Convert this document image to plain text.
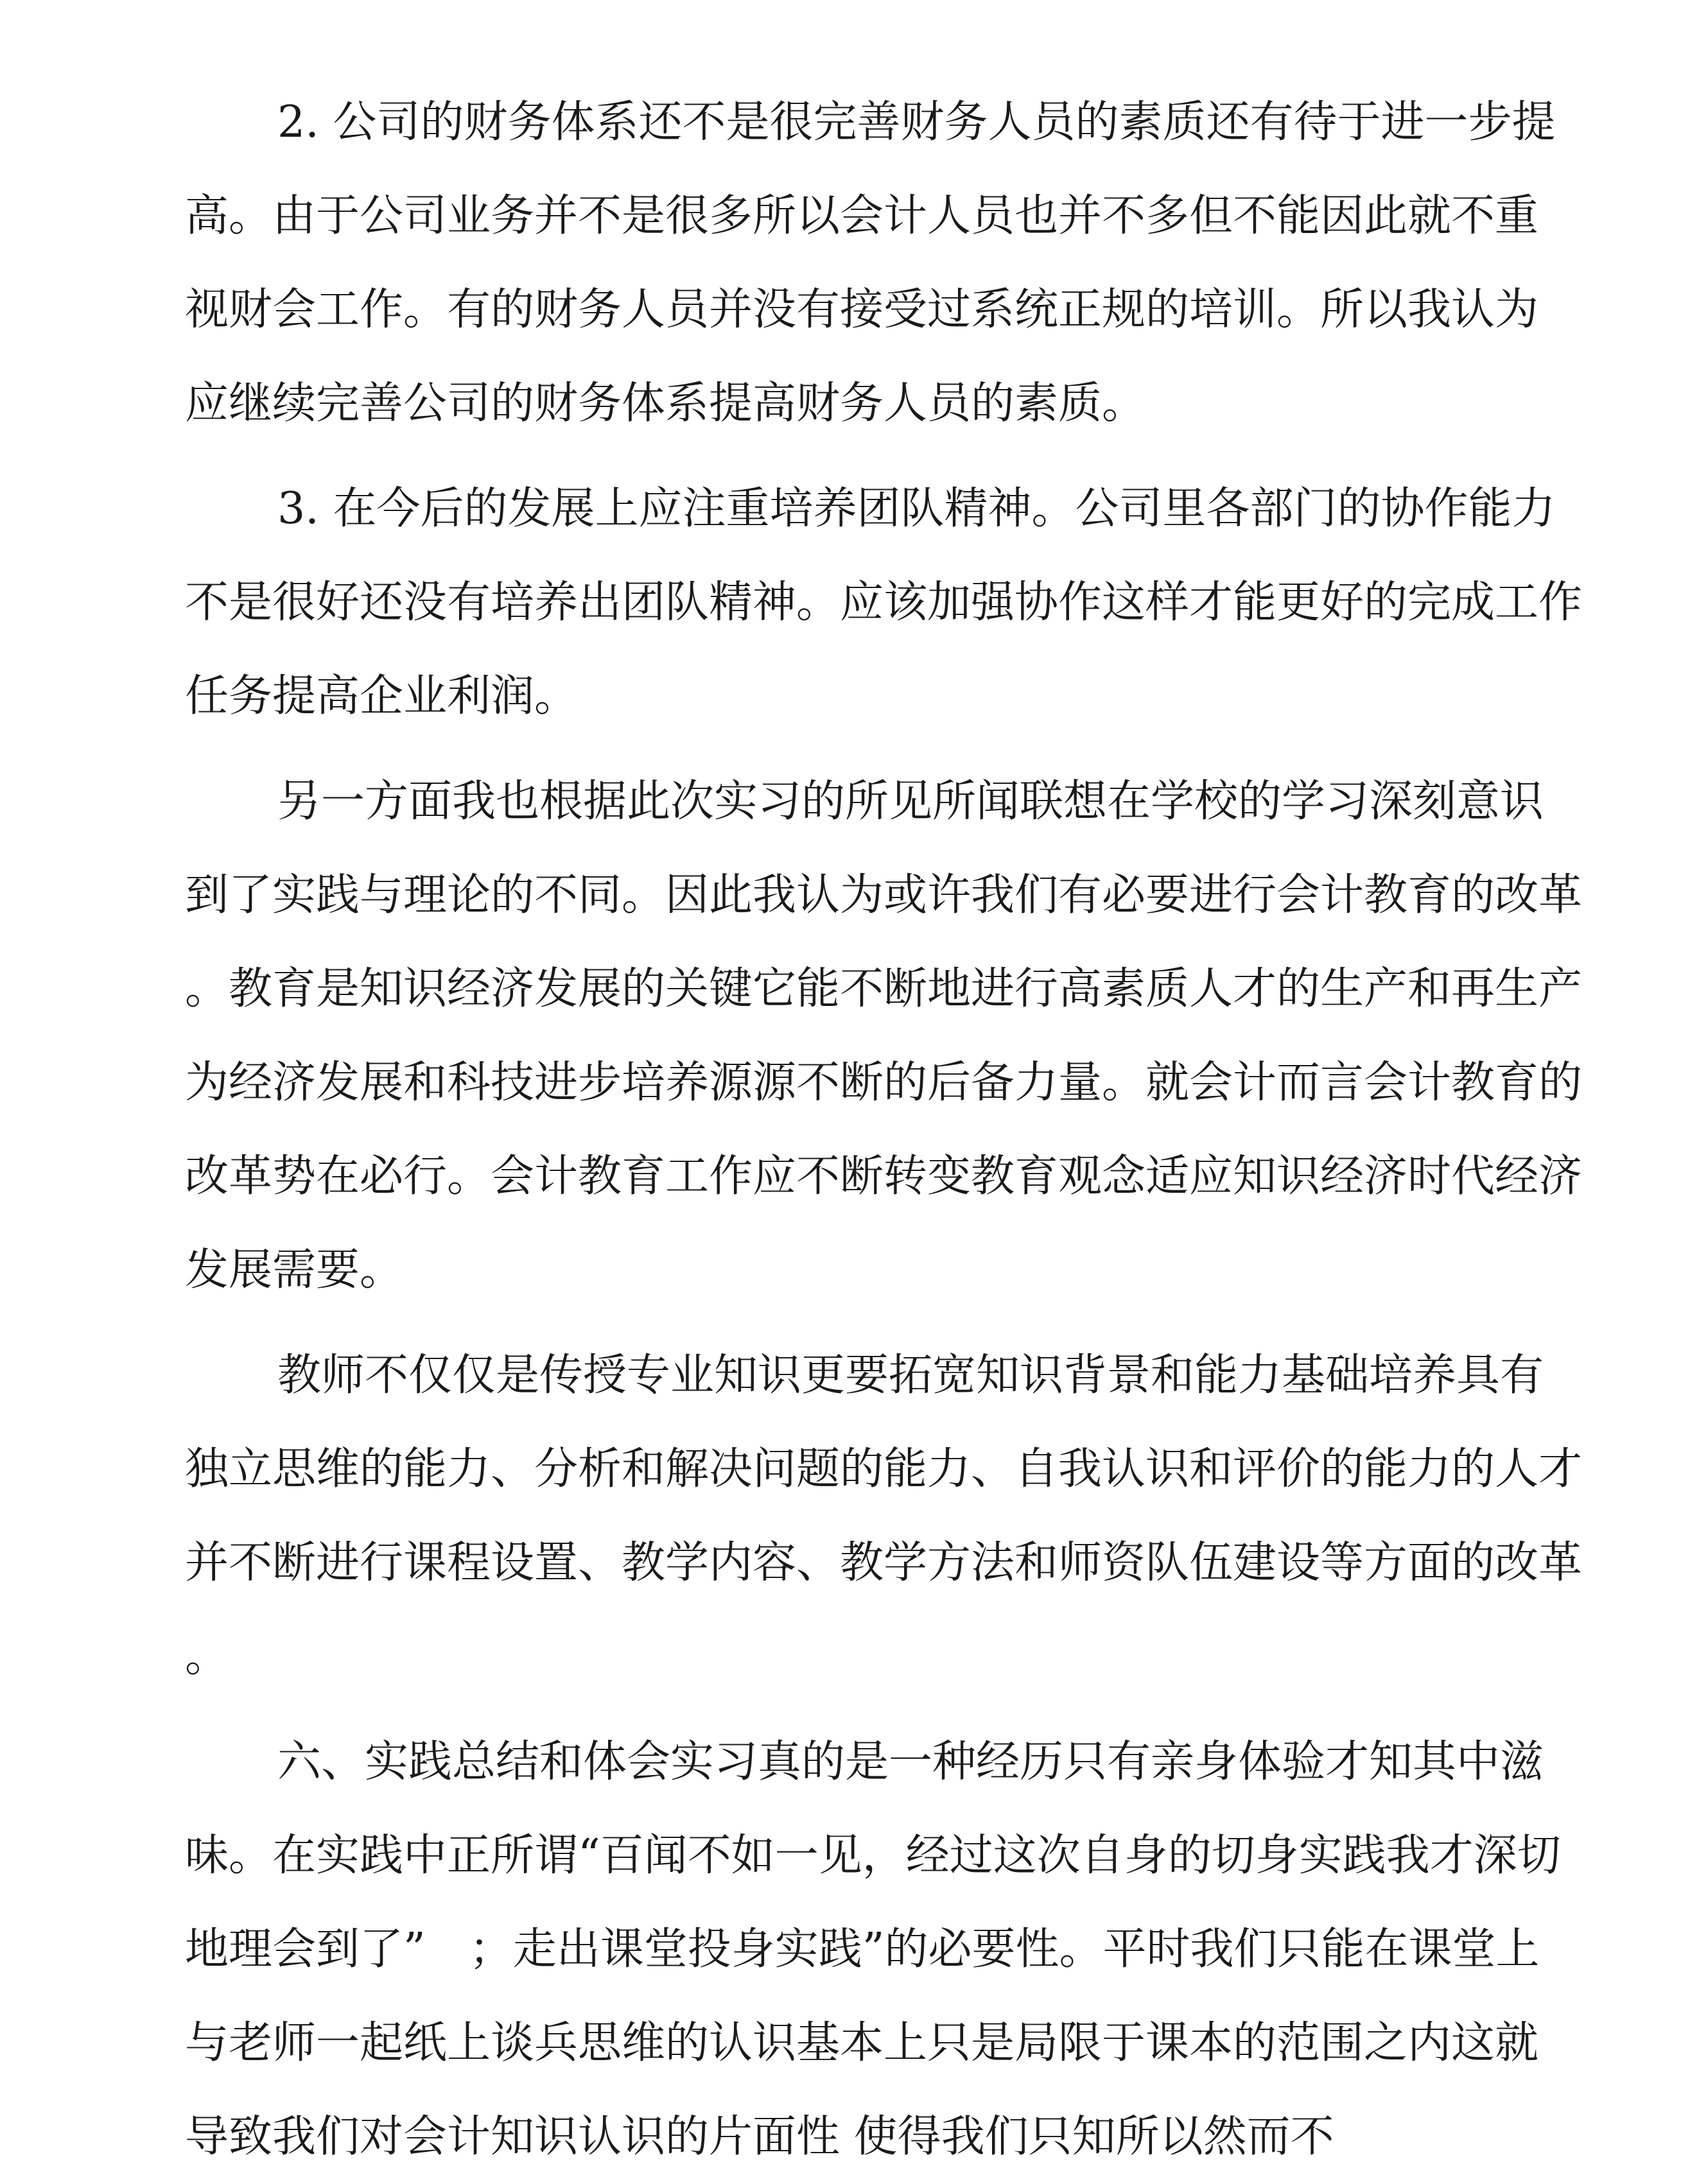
2. 公司的财务体系还不是很完善财务人员的素质还有待于进一步提
高。由于公司业务并不是很多所以会计人员也并不多但不能因此就不重
视财会工作。有的财务人员并没有接受过系统正规的培训。所以我认为
应继续完善公司的财务体系提高财务人员的素质。

3. 在今后的发展上应注重培养团队精神。公司里各部门的协作能力
不是很好还没有培养出团队精神。应该加强协作这样才能更好的完成工作
任务提高企业利润。

另一方面我也根据此次实习的所见所闻联想在学校的学习深刻意识
到了实践与理论的不同。因此我认为或许我们有必要进行会计教育的改革
。教育是知识经济发展的关键它能不断地进行高素质人才的生产和再生产
为经济发展和科技进步培养源源不断的后备力量。就会计而言会计教育的
改革势在必行。会计教育工作应不断转变教育观念适应知识经济时代经济
发展需要。

教师不仅仅是传授专业知识更要拓宽知识背景和能力基础培养具有
独立思维的能力、分析和解决问题的能力、自我认识和评价的能力的人才
并不断进行课程设置、教学内容、教学方法和师资队伍建设等方面的改革
。

六、实践总结和体会实习真的是一种经历只有亲身体验才知其中滋
味。在实践中正所谓“百闻不如一见，经过这次自身的切身实践我才深切
地理会到了”　；走出课堂投身实践”的必要性。平时我们只能在课堂上
与老师一起纸上谈兵思维的认识基本上只是局限于课本的范围之内这就
导致我们对会计知识认识的片面性 使得我们只知所以然而不
